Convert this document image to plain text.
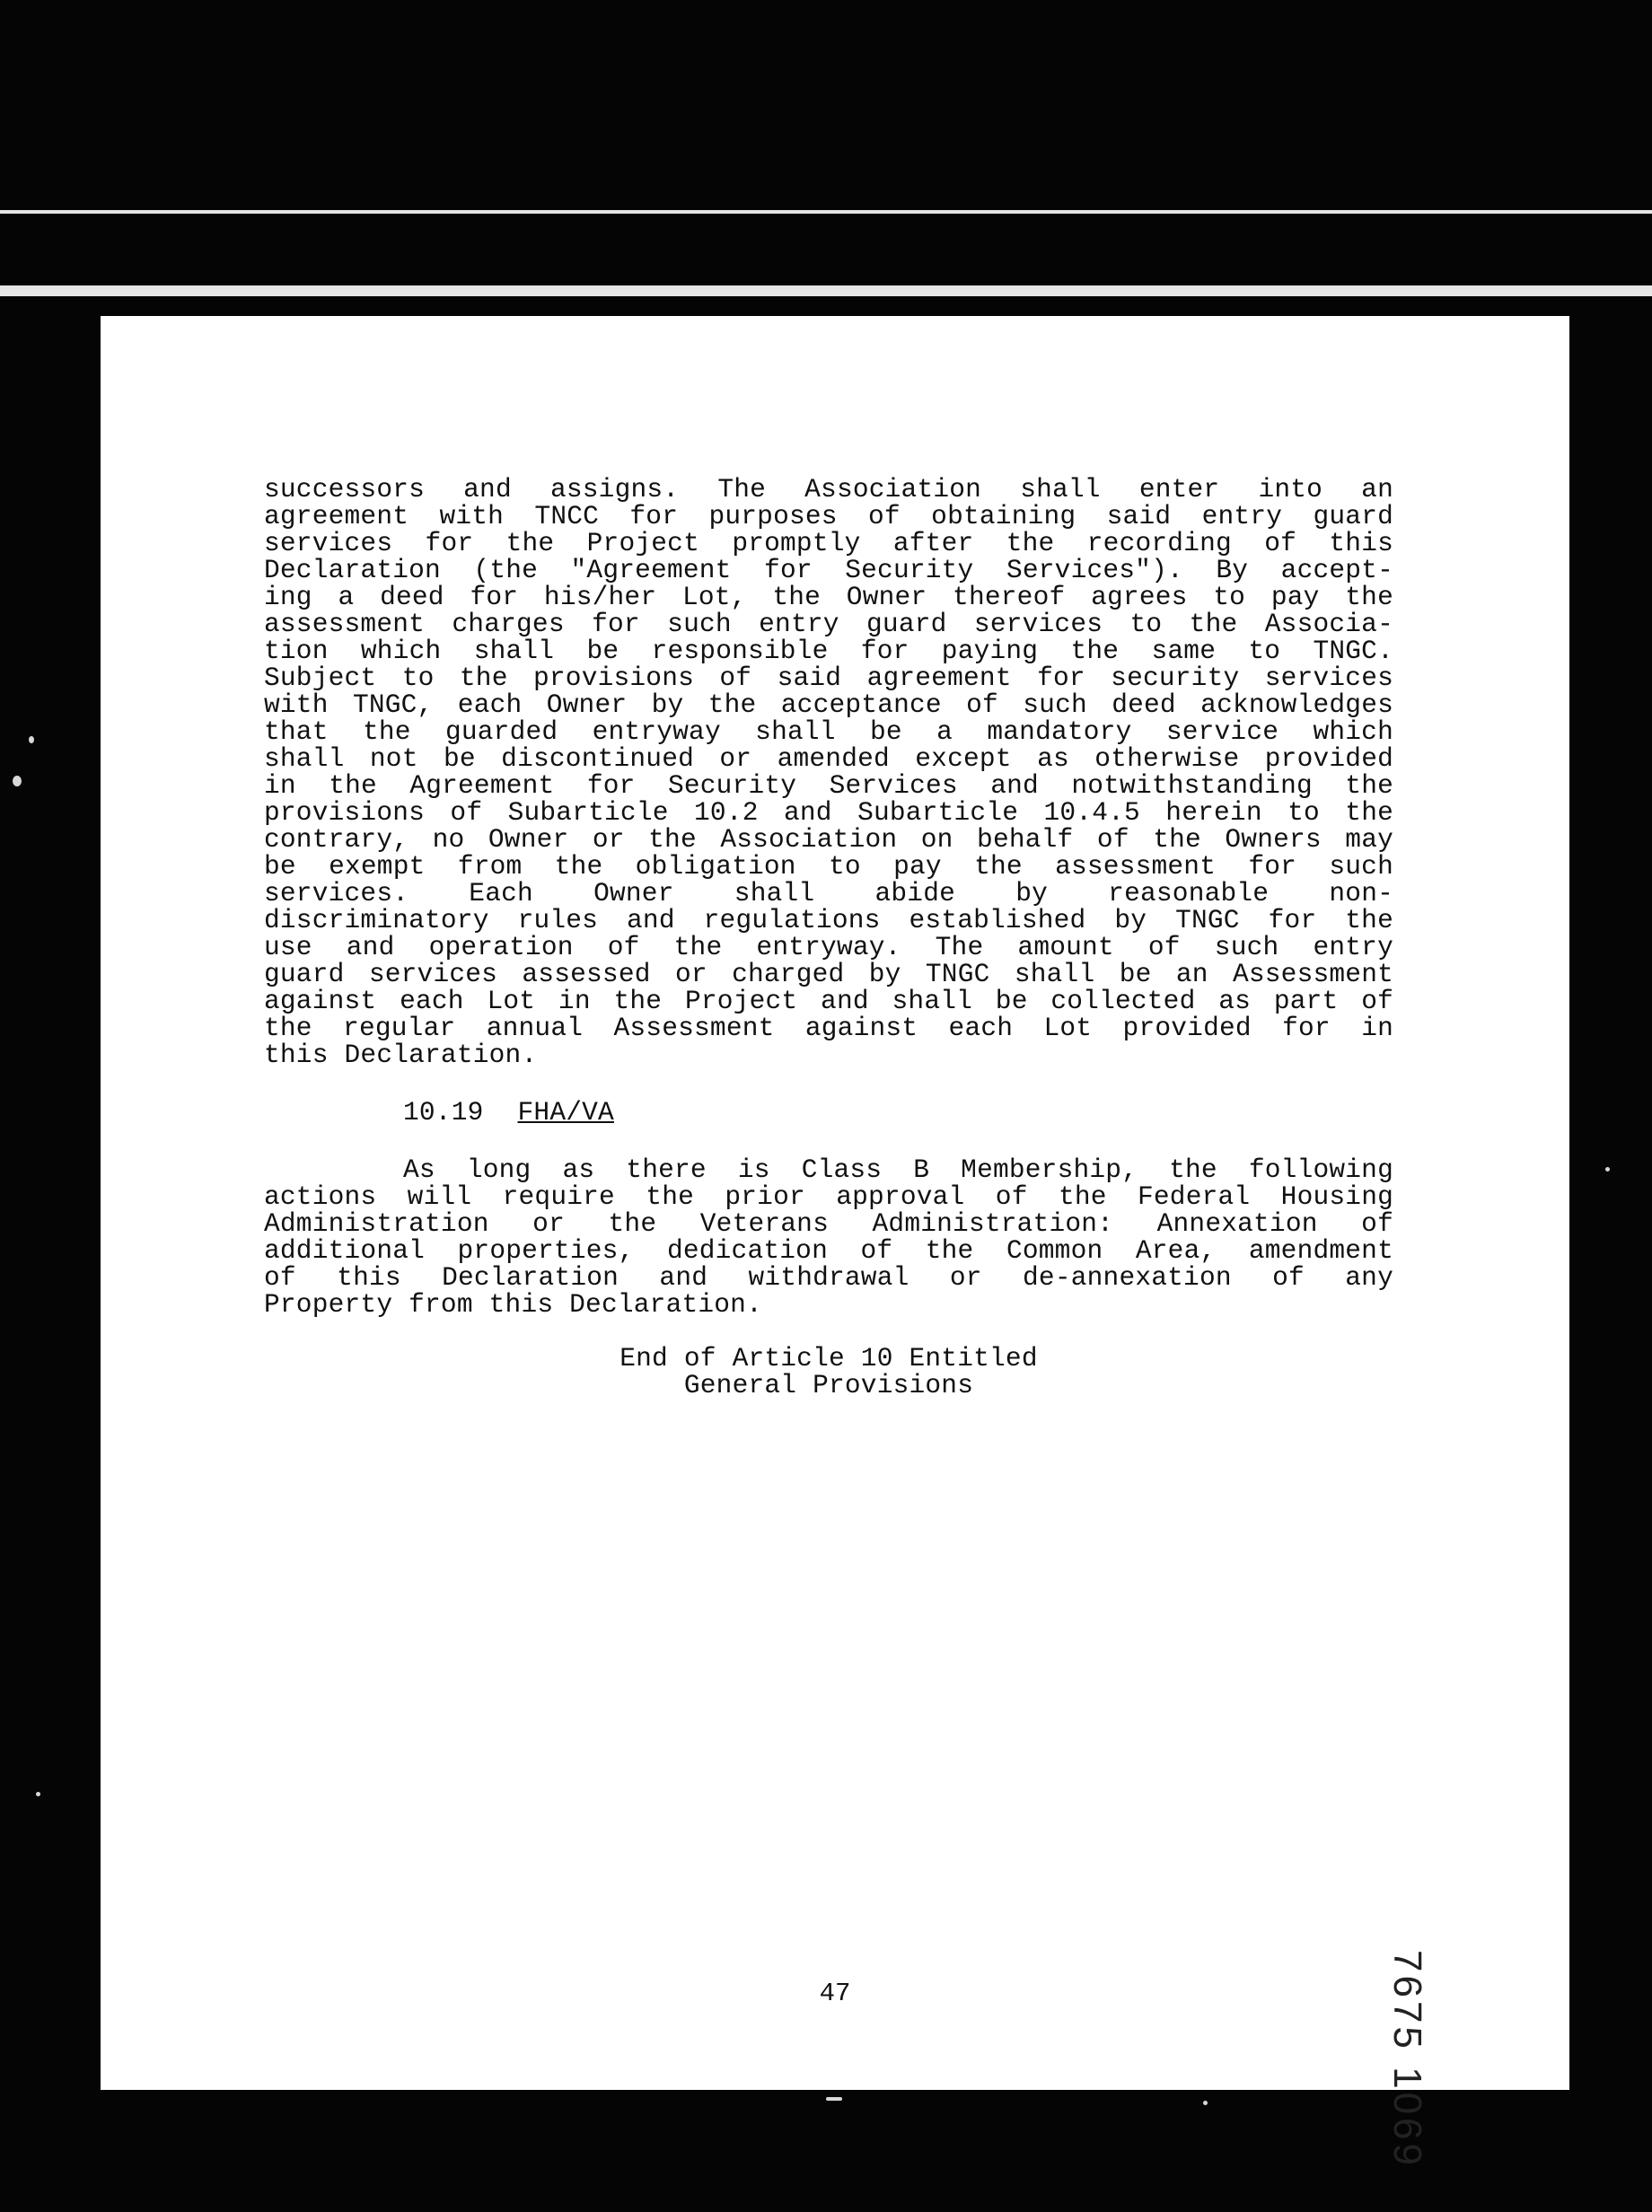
successors and assigns. The Association shall enter into an
agreement with TNCC for purposes of obtaining said entry guard
services for the Project promptly after the recording of this
Declaration (the "Agreement for Security Services"). By accept-
ing a deed for his/her Lot, the Owner thereof agrees to pay the
assessment charges for such entry guard services to the Associa-
tion which shall be responsible for paying the same to TNGC.
Subject to the provisions of said agreement for security services
with TNGC, each Owner by the acceptance of such deed acknowledges
that the guarded entryway shall be a mandatory service which
shall not be discontinued or amended except as otherwise provided
in the Agreement for Security Services and notwithstanding the
provisions of Subarticle 10.2 and Subarticle 10.4.5 herein to the
contrary, no Owner or the Association on behalf of the Owners may
be exempt from the obligation to pay the assessment for such
services. Each Owner shall abide by reasonable non-
discriminatory rules and regulations established by TNGC for the
use and operation of the entryway. The amount of such entry
guard services assessed or charged by TNGC shall be an Assessment
against each Lot in the Project and shall be collected as part of
the regular annual Assessment against each Lot provided for in
this Declaration.
10.19 FHA/VA
As long as there is Class B Membership, the following
actions will require the prior approval of the Federal Housing
Administration or the Veterans Administration: Annexation of
additional properties, dedication of the Common Area, amendment
of this Declaration and withdrawal or de-annexation of any
Property from this Declaration.
End of Article 10 Entitled
General Provisions
7675 1069
47
